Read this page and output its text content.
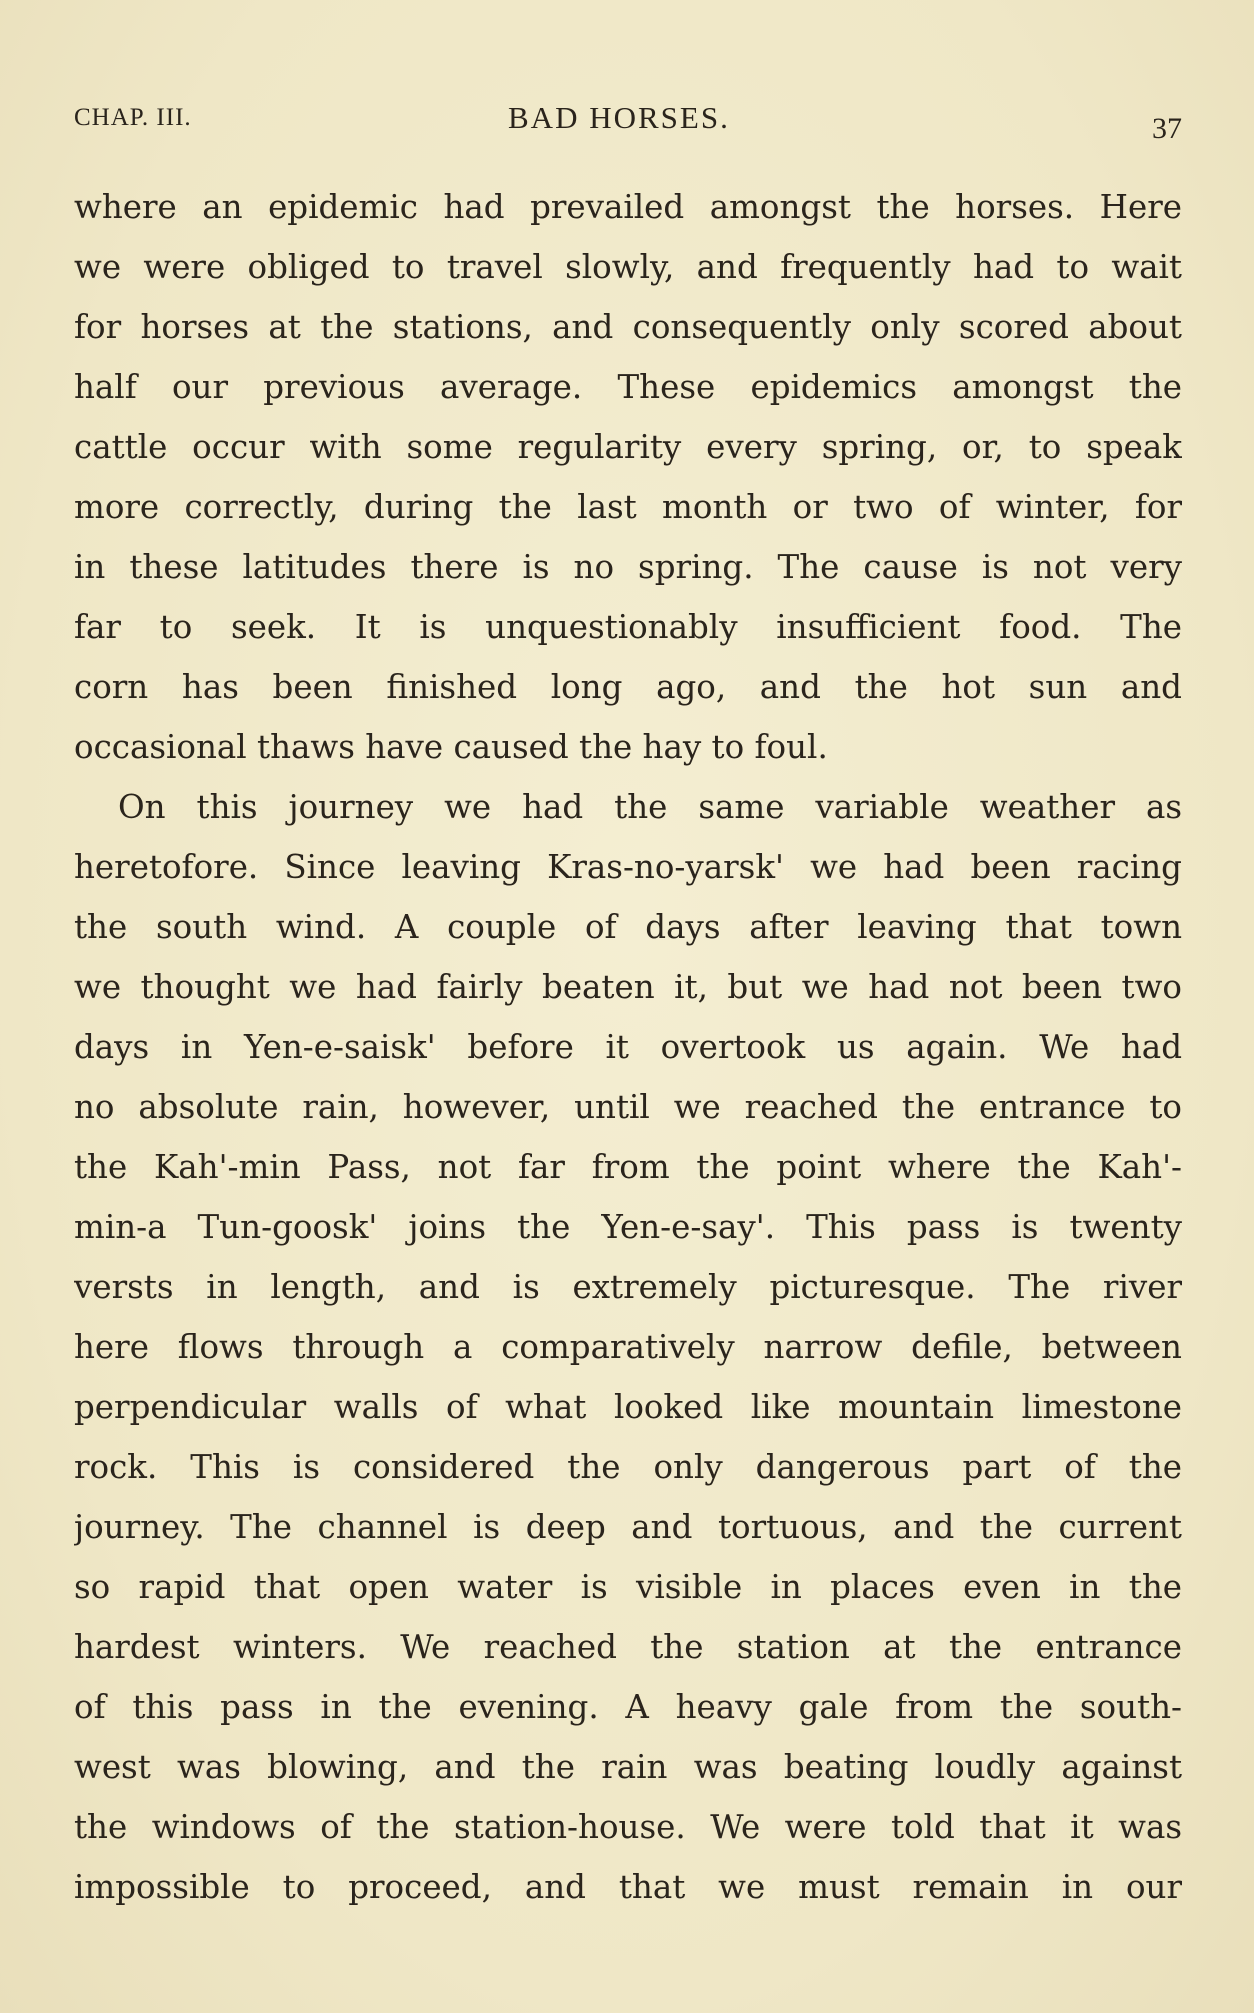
CHAP. III.	BAD HORSES.	37
where an epidemic had prevailed amongst the horses. Here
we were obliged to travel slowly, and frequently had to wait
for horses at the stations, and consequently only scored about
half our previous average. These epidemics amongst the
cattle occur with some regularity every spring, or, to speak
more correctly, during the last month or two of winter, for
in these latitudes there is no spring. The cause is not very
far to seek. It is unquestionably insufficient food. The
corn has been finished long ago, and the hot sun and
occasional thaws have caused the hay to foul.
On this journey we had the same variable weather as
heretofore. Since leaving Kras-no-yarsk' we had been racing
the south wind. A couple of days after leaving that town
we thought we had fairly beaten it, but we had not been two
days in Yen-e-saisk' before it overtook us again. We had
no absolute rain, however, until we reached the entrance to
the Kah'-min Pass, not far from the point where the Kah'-
min-a Tun-goosk' joins the Yen-e-say'. This pass is twenty
versts in length, and is extremely picturesque. The river
here flows through a comparatively narrow defile, between
perpendicular walls of what looked like mountain limestone
rock. This is considered the only dangerous part of the
journey. The channel is deep and tortuous, and the current
so rapid that open water is visible in places even in the
hardest winters. We reached the station at the entrance
of this pass in the evening. A heavy gale from the south-
west was blowing, and the rain was beating loudly against
the windows of the station-house. We were told that it was
impossible to proceed, and that we must remain in our
